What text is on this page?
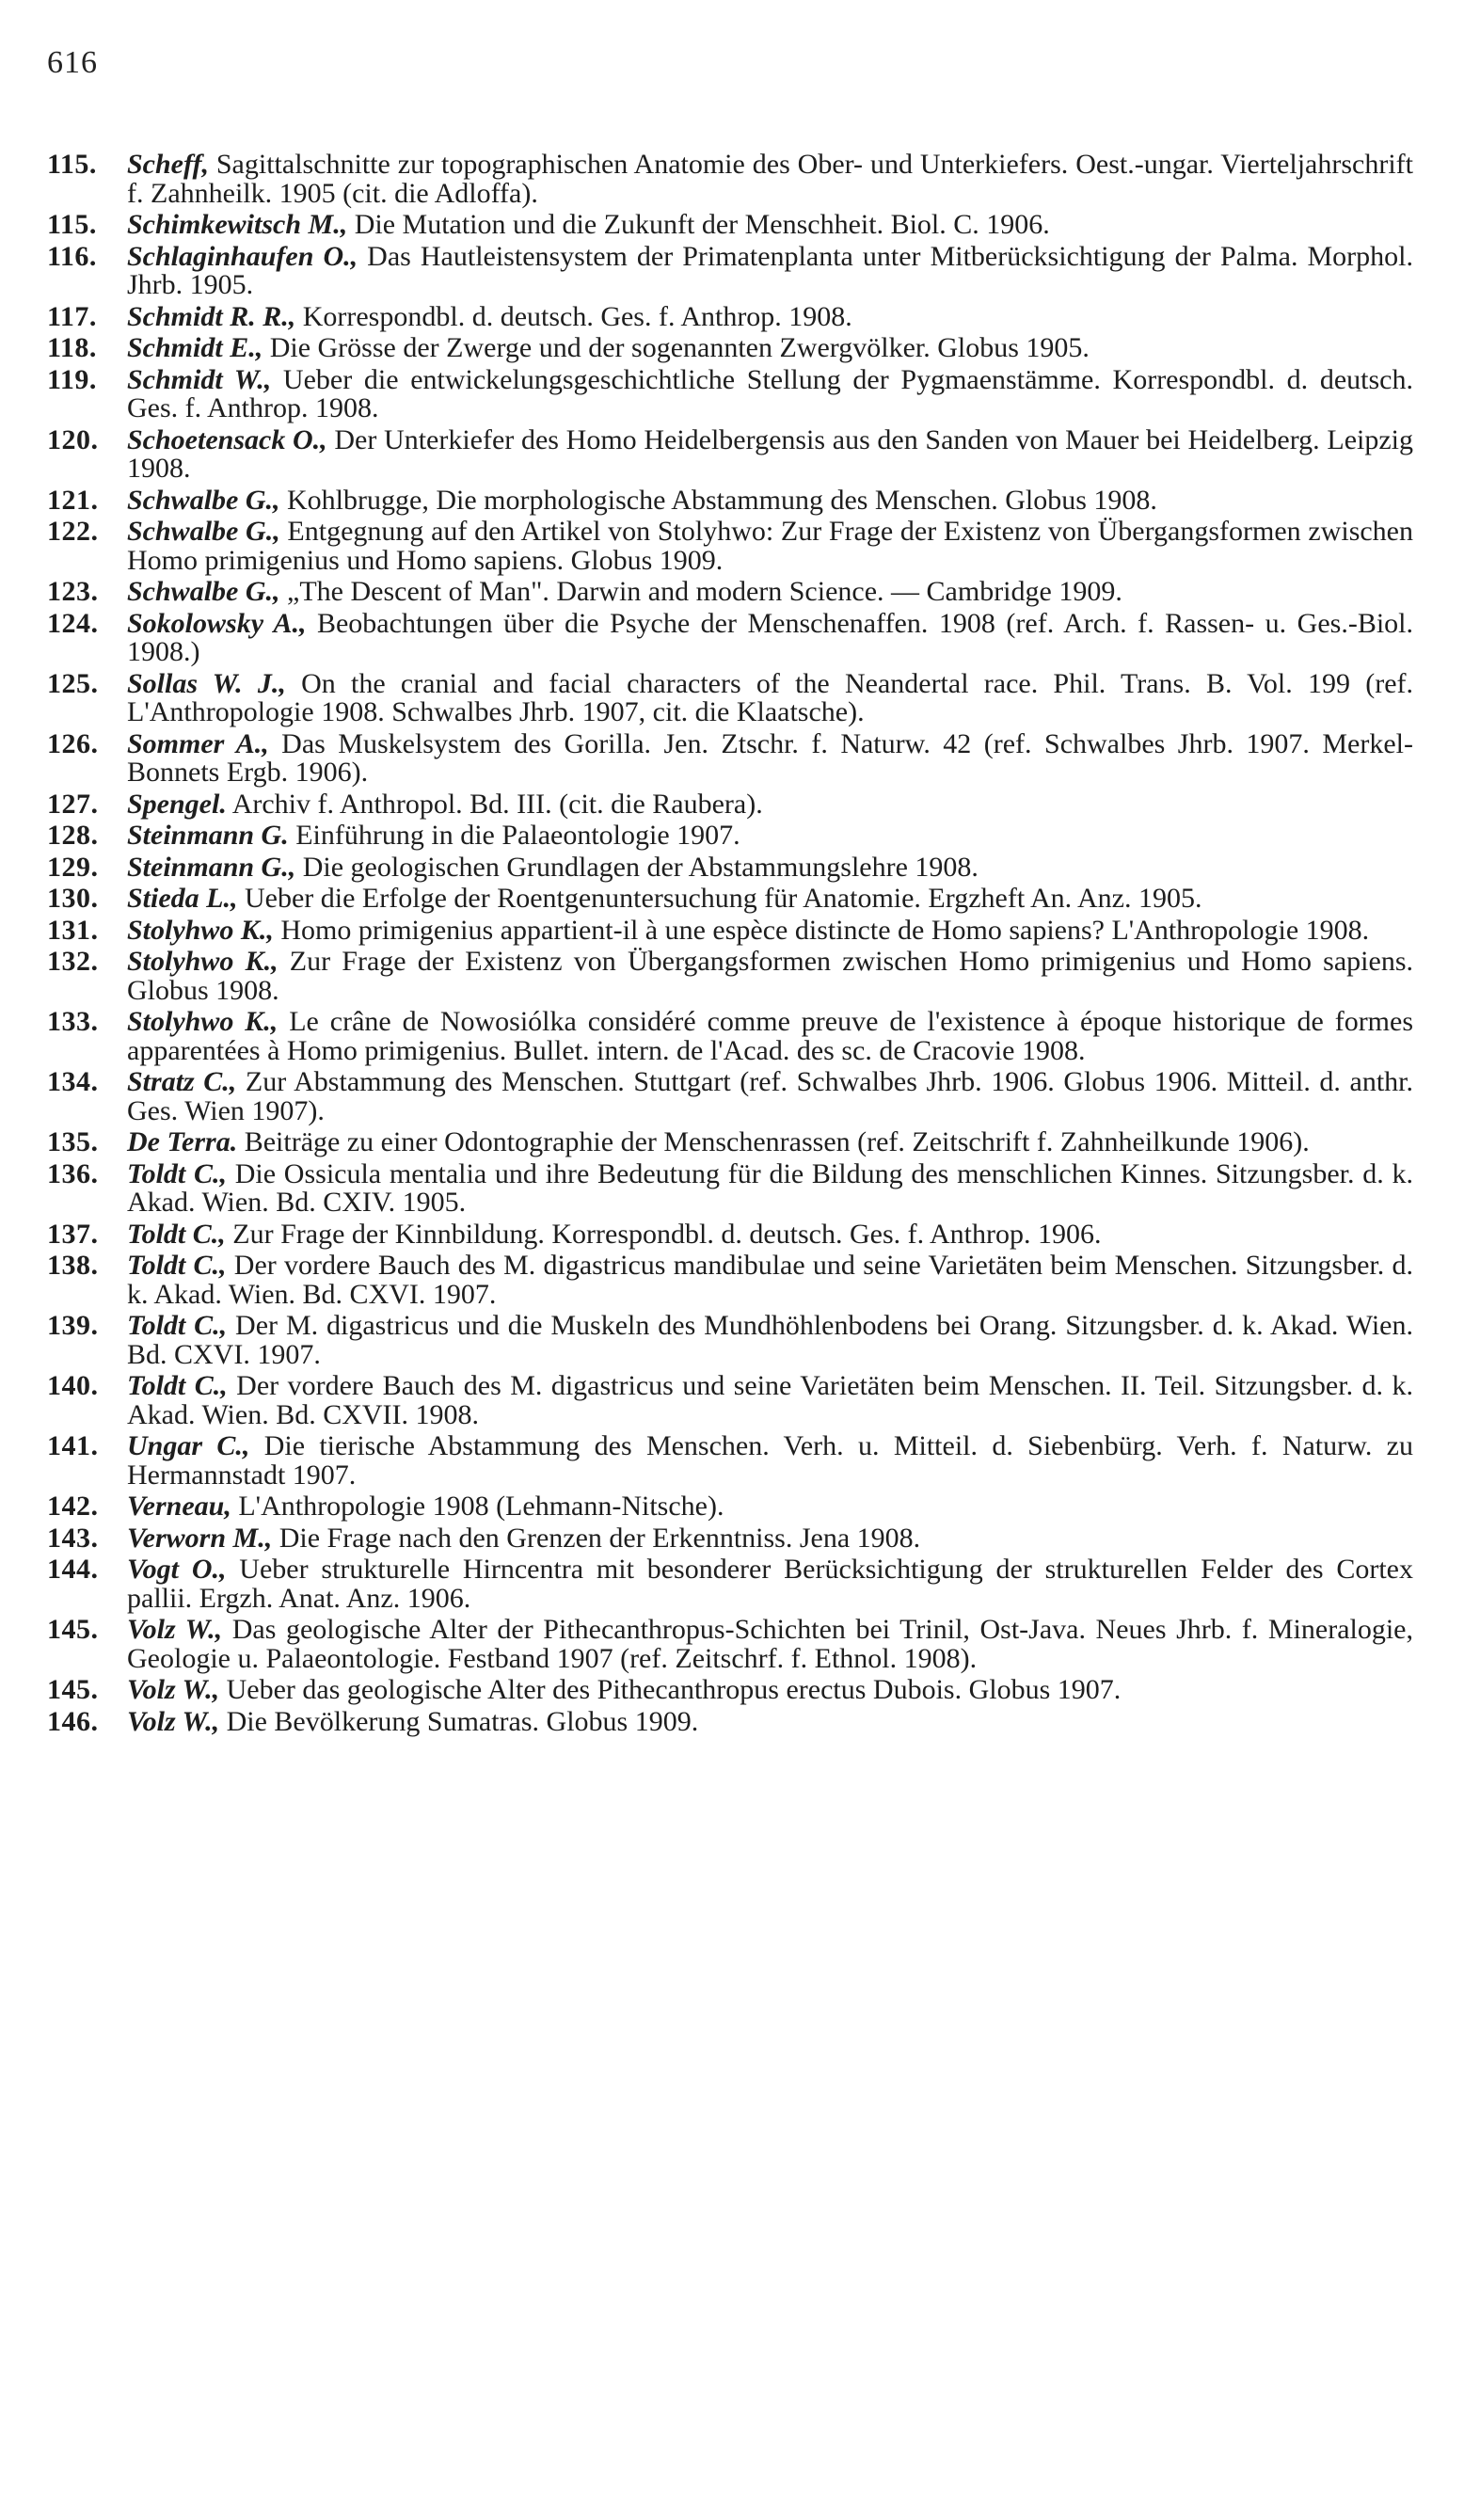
616
115.	Scheff, Sagittalschnitte zur topographischen Anatomie des Ober- und Unterkiefers. Oest.-ungar. Vierteljahrschrift f. Zahnheilk. 1905 (cit. die Adloffa).
115.	Schimkewitsch M., Die Mutation und die Zukunft der Menschheit. Biol. C. 1906.
116.	Schlaginhaufen O., Das Hautleistensystem der Primatenplanta unter Mitberücksichtigung der Palma. Morphol. Jhrb. 1905.
117.	Schmidt R. R., Korrespondbl. d. deutsch. Ges. f. Anthrop. 1908.
118.	Schmidt E., Die Grösse der Zwerge und der sogenannten Zwergvölker. Globus 1905.
119.	Schmidt W., Ueber die entwickelungsgeschichtliche Stellung der Pygmaenstämme. Korrespondbl. d. deutsch. Ges. f. Anthrop. 1908.
120.	Schoetensack O., Der Unterkiefer des Homo Heidelbergensis aus den Sanden von Mauer bei Heidelberg. Leipzig 1908.
121.	Schwalbe G., Kohlbrugge, Die morphologische Abstammung des Menschen. Globus 1908.
122.	Schwalbe G., Entgegnung auf den Artikel von Stolyhwo: Zur Frage der Existenz von Übergangsformen zwischen Homo primigenius und Homo sapiens. Globus 1909.
123.	Schwalbe G., „The Descent of Man". Darwin and modern Science. — Cambridge 1909.
124.	Sokolowsky A., Beobachtungen über die Psyche der Menschenaffen. 1908 (ref. Arch. f. Rassen- u. Ges.-Biol. 1908.)
125.	Sollas W. J., On the cranial and facial characters of the Neandertal race. Phil. Trans. B. Vol. 199 (ref. L'Anthropologie 1908. Schwalbes Jhrb. 1907, cit. die Klaatsche).
126.	Sommer A., Das Muskelsystem des Gorilla. Jen. Ztschr. f. Naturw. 42 (ref. Schwalbes Jhrb. 1907. Merkel-Bonnets Ergb. 1906).
127.	Spengel. Archiv f. Anthropol. Bd. III. (cit. die Rauberа).
128.	Steinmann G. Einführung in die Palaeontologie 1907.
129.	Steinmann G., Die geologischen Grundlagen der Abstammungslehre 1908.
130.	Stieda L., Ueber die Erfolge der Roentgenuntersuchung für Anatomie. Ergzheft An. Anz. 1905.
131.	Stolyhwo K., Homo primigenius appartient-il à une espèce distincte de Homo sapiens? L'Anthropologie 1908.
132.	Stolyhwo K., Zur Frage der Existenz von Übergangsformen zwischen Homo primigenius und Homo sapiens. Globus 1908.
133.	Stolyhwo K., Le crâne de Nowosiólka considéré comme preuve de l'existence à époque historique de formes apparentées à Homo primigenius. Bullet. intern. de l'Acad. des sc. de Cracovie 1908.
134.	Stratz C., Zur Abstammung des Menschen. Stuttgart (ref. Schwalbes Jhrb. 1906. Globus 1906. Mitteil. d. anthr. Ges. Wien 1907).
135.	De Terra. Beiträge zu einer Odontographie der Menschenrassen (ref. Zeitschrift f. Zahnheilkunde 1906).
136.	Toldt C., Die Ossicula mentalia und ihre Bedeutung für die Bildung des menschlichen Kinnes. Sitzungsber. d. k. Akad. Wien. Bd. CXIV. 1905.
137.	Toldt C., Zur Frage der Kinnbildung. Korrespondbl. d. deutsch. Ges. f. Anthrop. 1906.
138.	Toldt C., Der vordere Bauch des M. digastricus mandibulae und seine Varietäten beim Menschen. Sitzungsber. d. k. Akad. Wien. Bd. CXVI. 1907.
139.	Toldt C., Der M. digastricus und die Muskeln des Mundhöhlenbodens bei Orang. Sitzungsber. d. k. Akad. Wien. Bd. CXVI. 1907.
140.	Toldt C., Der vordere Bauch des M. digastricus und seine Varietäten beim Menschen. II. Teil. Sitzungsber. d. k. Akad. Wien. Bd. CXVII. 1908.
141.	Ungar C., Die tierische Abstammung des Menschen. Verh. u. Mitteil. d. Siebenbürg. Verh. f. Naturw. zu Hermannstadt 1907.
142.	Verneau, L'Anthropologie 1908 (Lehmann-Nitsche).
143.	Verworn M., Die Frage nach den Grenzen der Erkenntniss. Jena 1908.
144.	Vogt O., Ueber strukturelle Hirncentra mit besonderer Berücksichtigung der strukturellen Felder des Cortex pallii. Ergzh. Anat. Anz. 1906.
145.	Volz W., Das geologische Alter der Pithecanthropus-Schichten bei Trinil, Ost-Java. Neues Jhrb. f. Mineralogie, Geologie u. Palaeontologie. Festband 1907 (ref. Zeitschrf. f. Ethnol. 1908).
145.	Volz W., Ueber das geologische Alter des Pithecanthropus erectus Dubois. Globus 1907.
146.	Volz W., Die Bevölkerung Sumatras. Globus 1909.
